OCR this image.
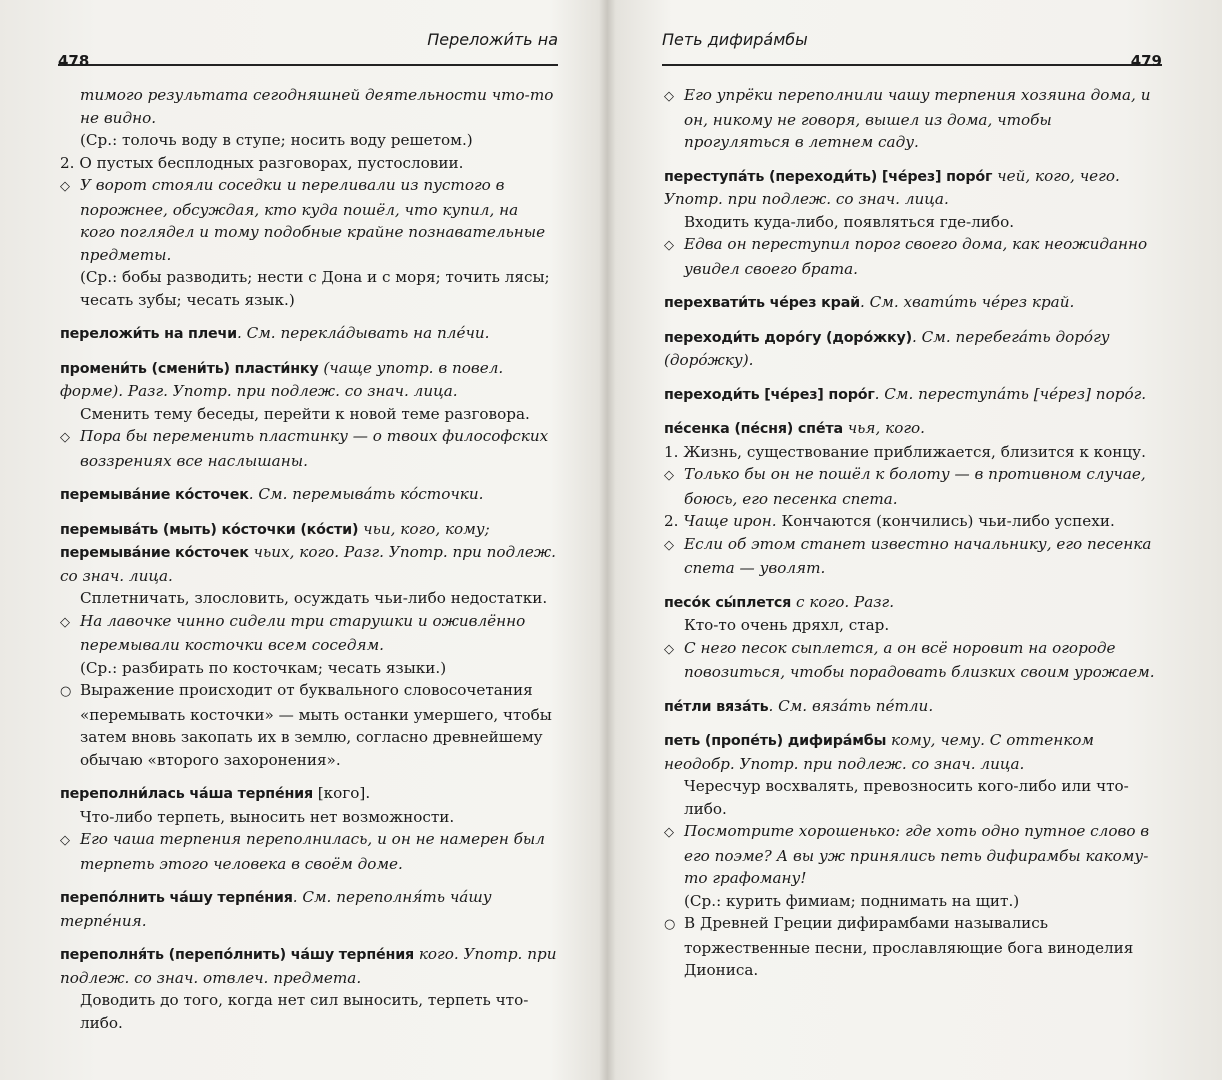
Переложи́ть на
478
тимого результата сегодняшней деятельности что-то не видно.
(Ср.: толочь воду в ступе; носить воду решетом.)
2. О пустых бесплодных разговорах, пустословии.
◇ У ворот стояли соседки и переливали из пустого в порожнее, обсуждая, кто куда пошёл, что купил, на кого поглядел и тому подобные крайне познавательные предметы.
(Ср.: бобы разводить; нести с Дона и с моря; точить лясы; чесать зубы; чесать язык.)
переложи́ть на плечи. См. перекла́дывать на пле́чи.
промени́ть (смени́ть) пласти́нку (чаще употр. в повел. форме). Разг. Употр. при подлеж. со знач. лица.
Сменить тему беседы, перейти к новой теме разговора.
◇ Пора бы переменить пластинку — о твоих философских воззрениях все наслышаны.
перемыва́ние ко́сточек. См. перемыва́ть ко́сточки.
перемыва́ть (мыть) ко́сточки (ко́сти) чьи, кого, кому; перемыва́ние ко́сточек чьих, кого. Разг. Употр. при подлеж. со знач. лица.
Сплетничать, злословить, осуждать чьи-либо недостатки.
◇ На лавочке чинно сидели три старушки и оживлённо перемывали косточки всем соседям.
(Ср.: разбирать по косточкам; чесать языки.)
○ Выражение происходит от буквального словосочетания «перемывать косточки» — мыть останки умершего, чтобы затем вновь закопать их в землю, согласно древнейшему обычаю «второго захоронения».
переполни́лась ча́ша терпе́ния [кого].
Что-либо терпеть, выносить нет возможности.
◇ Его чаша терпения переполнилась, и он не намерен был терпеть этого человека в своём доме.
перепо́лнить ча́шу терпе́ния. См. переполня́ть ча́шу терпе́ния.
переполня́ть (перепо́лнить) ча́шу терпе́ния кого. Употр. при подлеж. со знач. отвлеч. предмета.
Доводить до того, когда нет сил выносить, терпеть что-либо.
Петь дифира́мбы
479
◇ Его упрёки переполнили чашу терпения хозяина дома, и он, никому не говоря, вышел из дома, чтобы прогуляться в летнем саду.
переступа́ть (переходи́ть) [че́рез] поро́г чей, кого, чего. Употр. при подлеж. со знач. лица.
Входить куда-либо, появляться где-либо.
◇ Едва он переступил порог своего дома, как неожиданно увидел своего брата.
перехвати́ть че́рез край. См. хвати́ть че́рез край.
переходи́ть доро́гу (доро́жку). См. перебега́ть доро́гу (доро́жку).
переходи́ть [че́рез] поро́г. См. переступа́ть [че́рез] поро́г.
пе́сенка (пе́сня) спе́та чья, кого.
1. Жизнь, существование приближается, близится к концу.
◇ Только бы он не пошёл к болоту — в противном случае, боюсь, его песенка спета.
2. Чаще ирон. Кончаются (кончились) чьи-либо успехи.
◇ Если об этом станет известно начальнику, его песенка спета — уволят.
песо́к сы́плется с кого. Разг.
Кто-то очень дряхл, стар.
◇ С него песок сыплется, а он всё норовит на огороде повозиться, чтобы порадовать близких своим урожаем.
пе́тли вяза́ть. См. вяза́ть пе́тли.
петь (пропе́ть) дифира́мбы кому, чему. С оттенком неодобр. Употр. при подлеж. со знач. лица.
Чересчур восхвалять, превозносить кого-либо или что-либо.
◇ Посмотрите хорошенько: где хоть одно путное слово в его поэме? А вы уж принялись петь дифирамбы какому-то графоману!
(Ср.: курить фимиам; поднимать на щит.)
○ В Древней Греции дифирамбами назывались торжественные песни, прославляющие бога виноделия Диониса.
